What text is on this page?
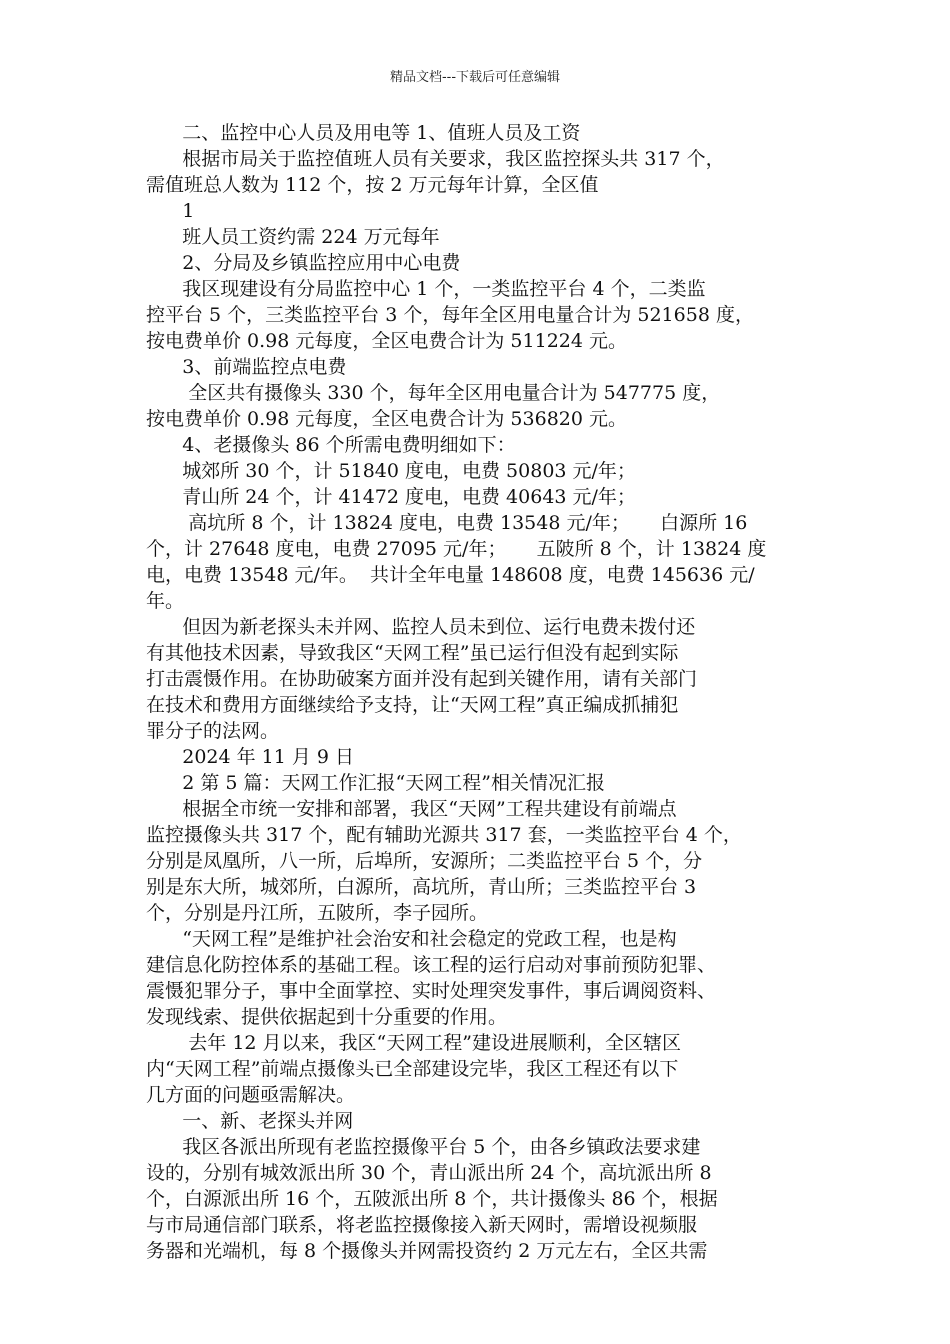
精品文档---下载后可任意编辑
二、监控中心人员及用电等 1、值班人员及工资
根据市局关于监控值班人员有关要求，我区监控探头共 317 个，
需值班总人数为 112 个，按 2 万元每年计算，全区值
1
班人员工资约需 224 万元每年
2、分局及乡镇监控应用中心电费
我区现建设有分局监控中心 1 个，一类监控平台 4 个，二类监
控平台 5 个，三类监控平台 3 个，每年全区用电量合计为 521658 度，
按电费单价 0.98 元每度，全区电费合计为 511224 元。
3、前端监控点电费
全区共有摄像头 330 个，每年全区用电量合计为 547775 度，
按电费单价 0.98 元每度，全区电费合计为 536820 元。
4、老摄像头 86 个所需电费明细如下：
城郊所 30 个，计 51840 度电，电费 50803 元/年；
青山所 24 个，计 41472 度电，电费 40643 元/年；
高坑所 8 个，计 13824 度电，电费 13548 元/年；     白源所 16
个，计 27648 度电，电费 27095 元/年；     五陂所 8 个，计 13824 度
电，电费 13548 元/年。  共计全年电量 148608 度，电费 145636 元/
年。
但因为新老探头未并网、监控人员未到位、运行电费未拨付还
有其他技术因素，导致我区“天网工程”虽已运行但没有起到实际
打击震慑作用。在协助破案方面并没有起到关键作用，请有关部门
在技术和费用方面继续给予支持，让“天网工程”真正编成抓捕犯
罪分子的法网。
2024 年 11 月 9 日
2 第 5 篇：天网工作汇报“天网工程”相关情况汇报
根据全市统一安排和部署，我区“天网”工程共建设有前端点
监控摄像头共 317 个，配有辅助光源共 317 套，一类监控平台 4 个，
分别是凤凰所，八一所，后埠所，安源所；二类监控平台 5 个，分
别是东大所，城郊所，白源所，高坑所，青山所；三类监控平台 3
个，分别是丹江所，五陂所，李子园所。
“天网工程”是维护社会治安和社会稳定的党政工程，也是构
建信息化防控体系的基础工程。该工程的运行启动对事前预防犯罪、
震慑犯罪分子，事中全面掌控、实时处理突发事件，事后调阅资料、
发现线索、提供依据起到十分重要的作用。
去年 12 月以来，我区“天网工程”建设进展顺利，全区辖区
内“天网工程”前端点摄像头已全部建设完毕，我区工程还有以下
几方面的问题亟需解决。
一、新、老探头并网
我区各派出所现有老监控摄像平台 5 个，由各乡镇政法要求建
设的，分别有城效派出所 30 个，青山派出所 24 个，高坑派出所 8
个，白源派出所 16 个，五陂派出所 8 个，共计摄像头 86 个，根据
与市局通信部门联系，将老监控摄像接入新天网时，需增设视频服
务器和光端机，每 8 个摄像头并网需投资约 2 万元左右，全区共需
